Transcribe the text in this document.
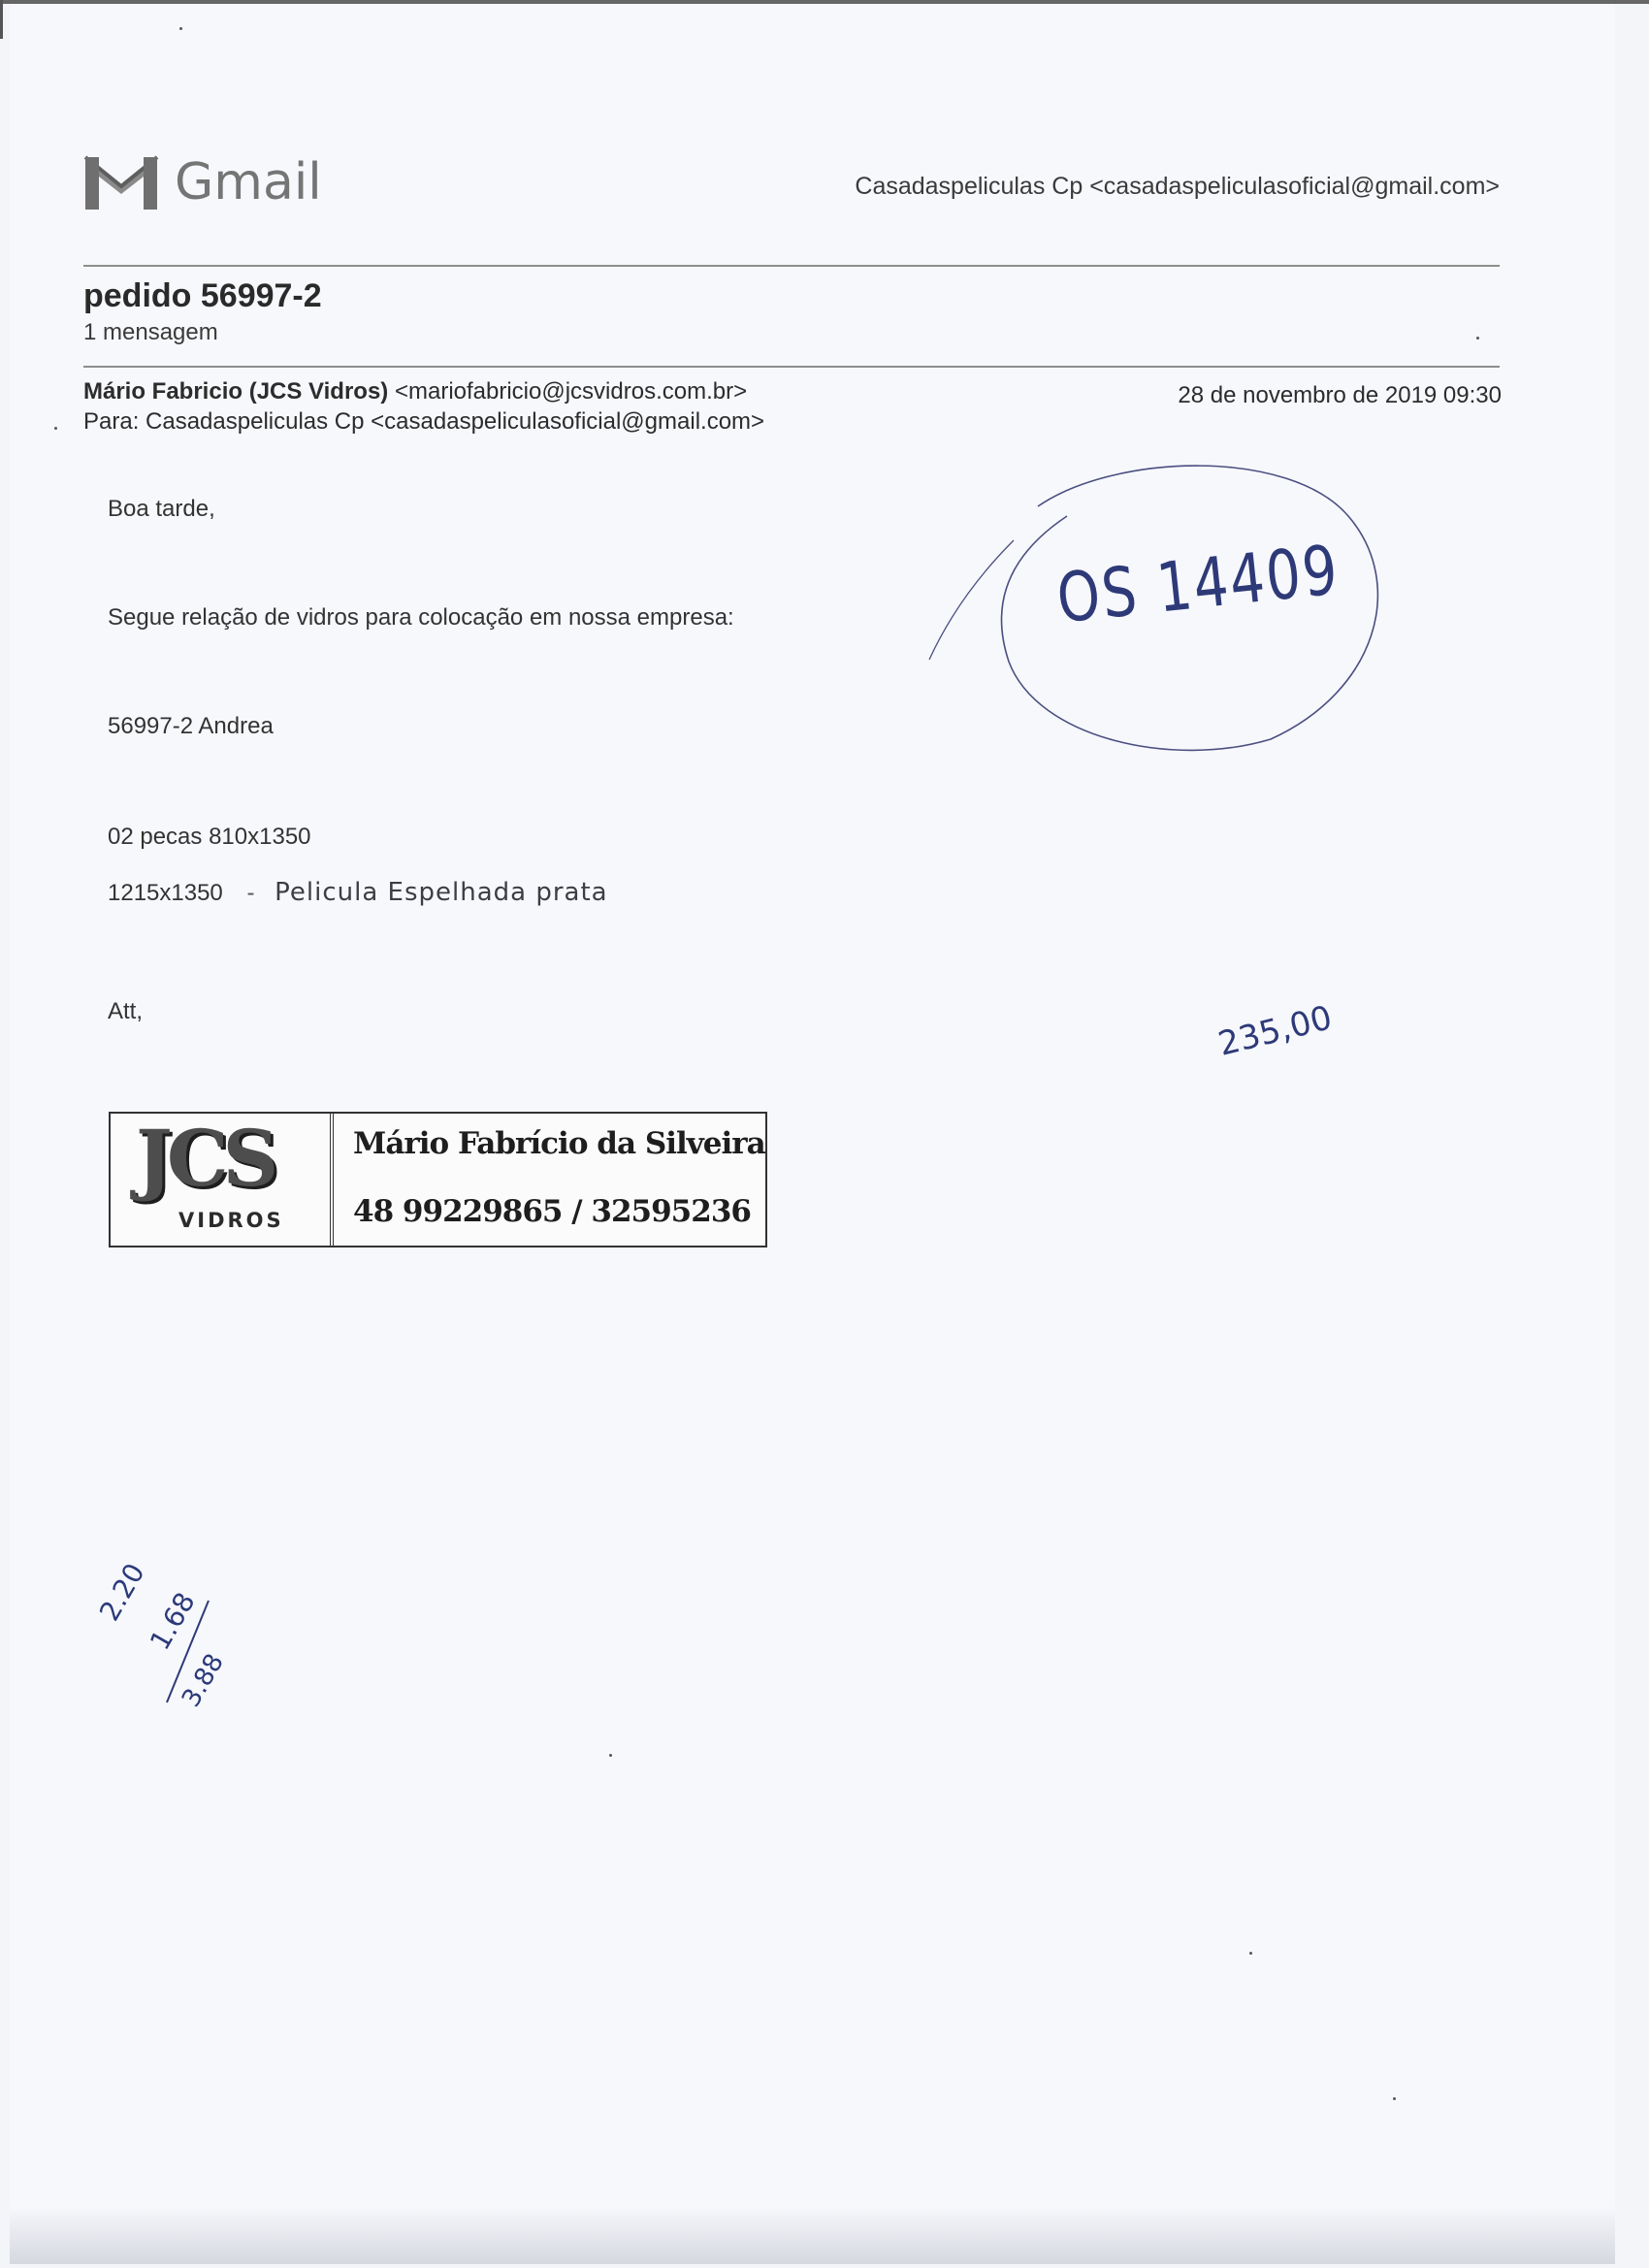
Gmail	Casadaspeliculas Cp <casadaspeliculasoficial@gmail.com>
pedido 56997-2
1 mensagem
Mário Fabricio (JCS Vidros) <mariofabricio@jcsvidros.com.br>
Para: Casadaspeliculas Cp <casadaspeliculasoficial@gmail.com>
28 de novembro de 2019 09:30
Boa tarde,
Segue relação de vidros para colocação em nossa empresa:
56997-2 Andrea
02 pecas 810x1350
1215x1350 - Pelicula Espelhada prata
Att,
JCS
VIDROS
Mário Fabrício da Silveira
48 99229865 / 32595236
OS 14409
235,00
2.20
1.68
3.88
